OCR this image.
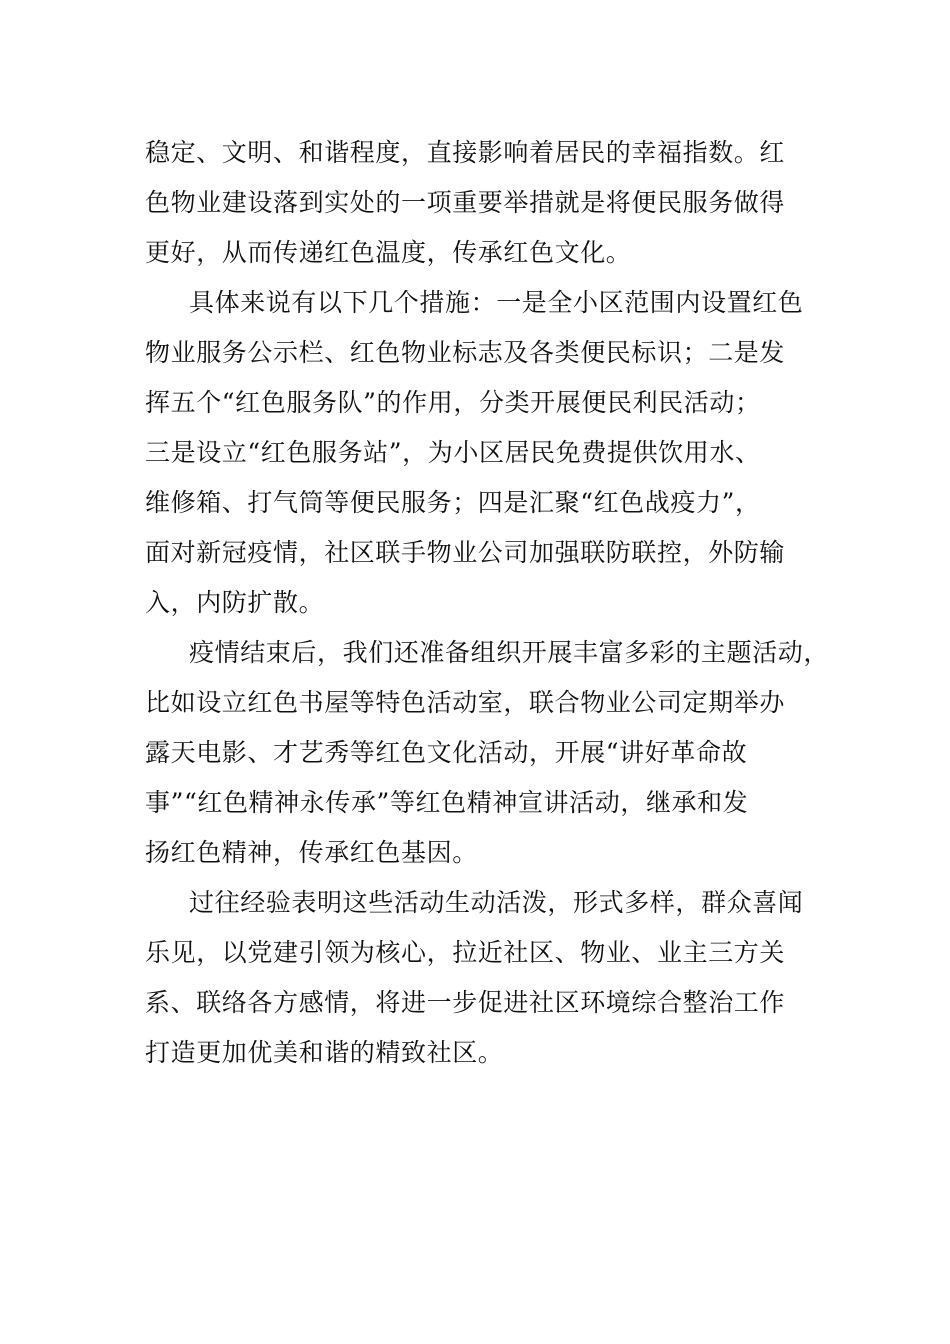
稳定、文明、和谐程度，直接影响着居民的幸福指数。红
色物业建设落到实处的一项重要举措就是将便民服务做得
更好，从而传递红色温度，传承红色文化。
具体来说有以下几个措施：一是全小区范围内设置红色
物业服务公示栏、红色物业标志及各类便民标识；二是发
挥五个“红色服务队”的作用，分类开展便民利民活动；
三是设立“红色服务站”，为小区居民免费提供饮用水、
维修箱、打气筒等便民服务；四是汇聚“红色战疫力”，
面对新冠疫情，社区联手物业公司加强联防联控，外防输
入，内防扩散。
疫情结束后，我们还准备组织开展丰富多彩的主题活动，
比如设立红色书屋等特色活动室，联合物业公司定期举办
露天电影、才艺秀等红色文化活动，开展“讲好革命故
事”“红色精神永传承”等红色精神宣讲活动，继承和发
扬红色精神，传承红色基因。
过往经验表明这些活动生动活泼，形式多样，群众喜闻
乐见，以党建引领为核心，拉近社区、物业、业主三方关
系、联络各方感情，将进一步促进社区环境综合整治工作
打造更加优美和谐的精致社区。
